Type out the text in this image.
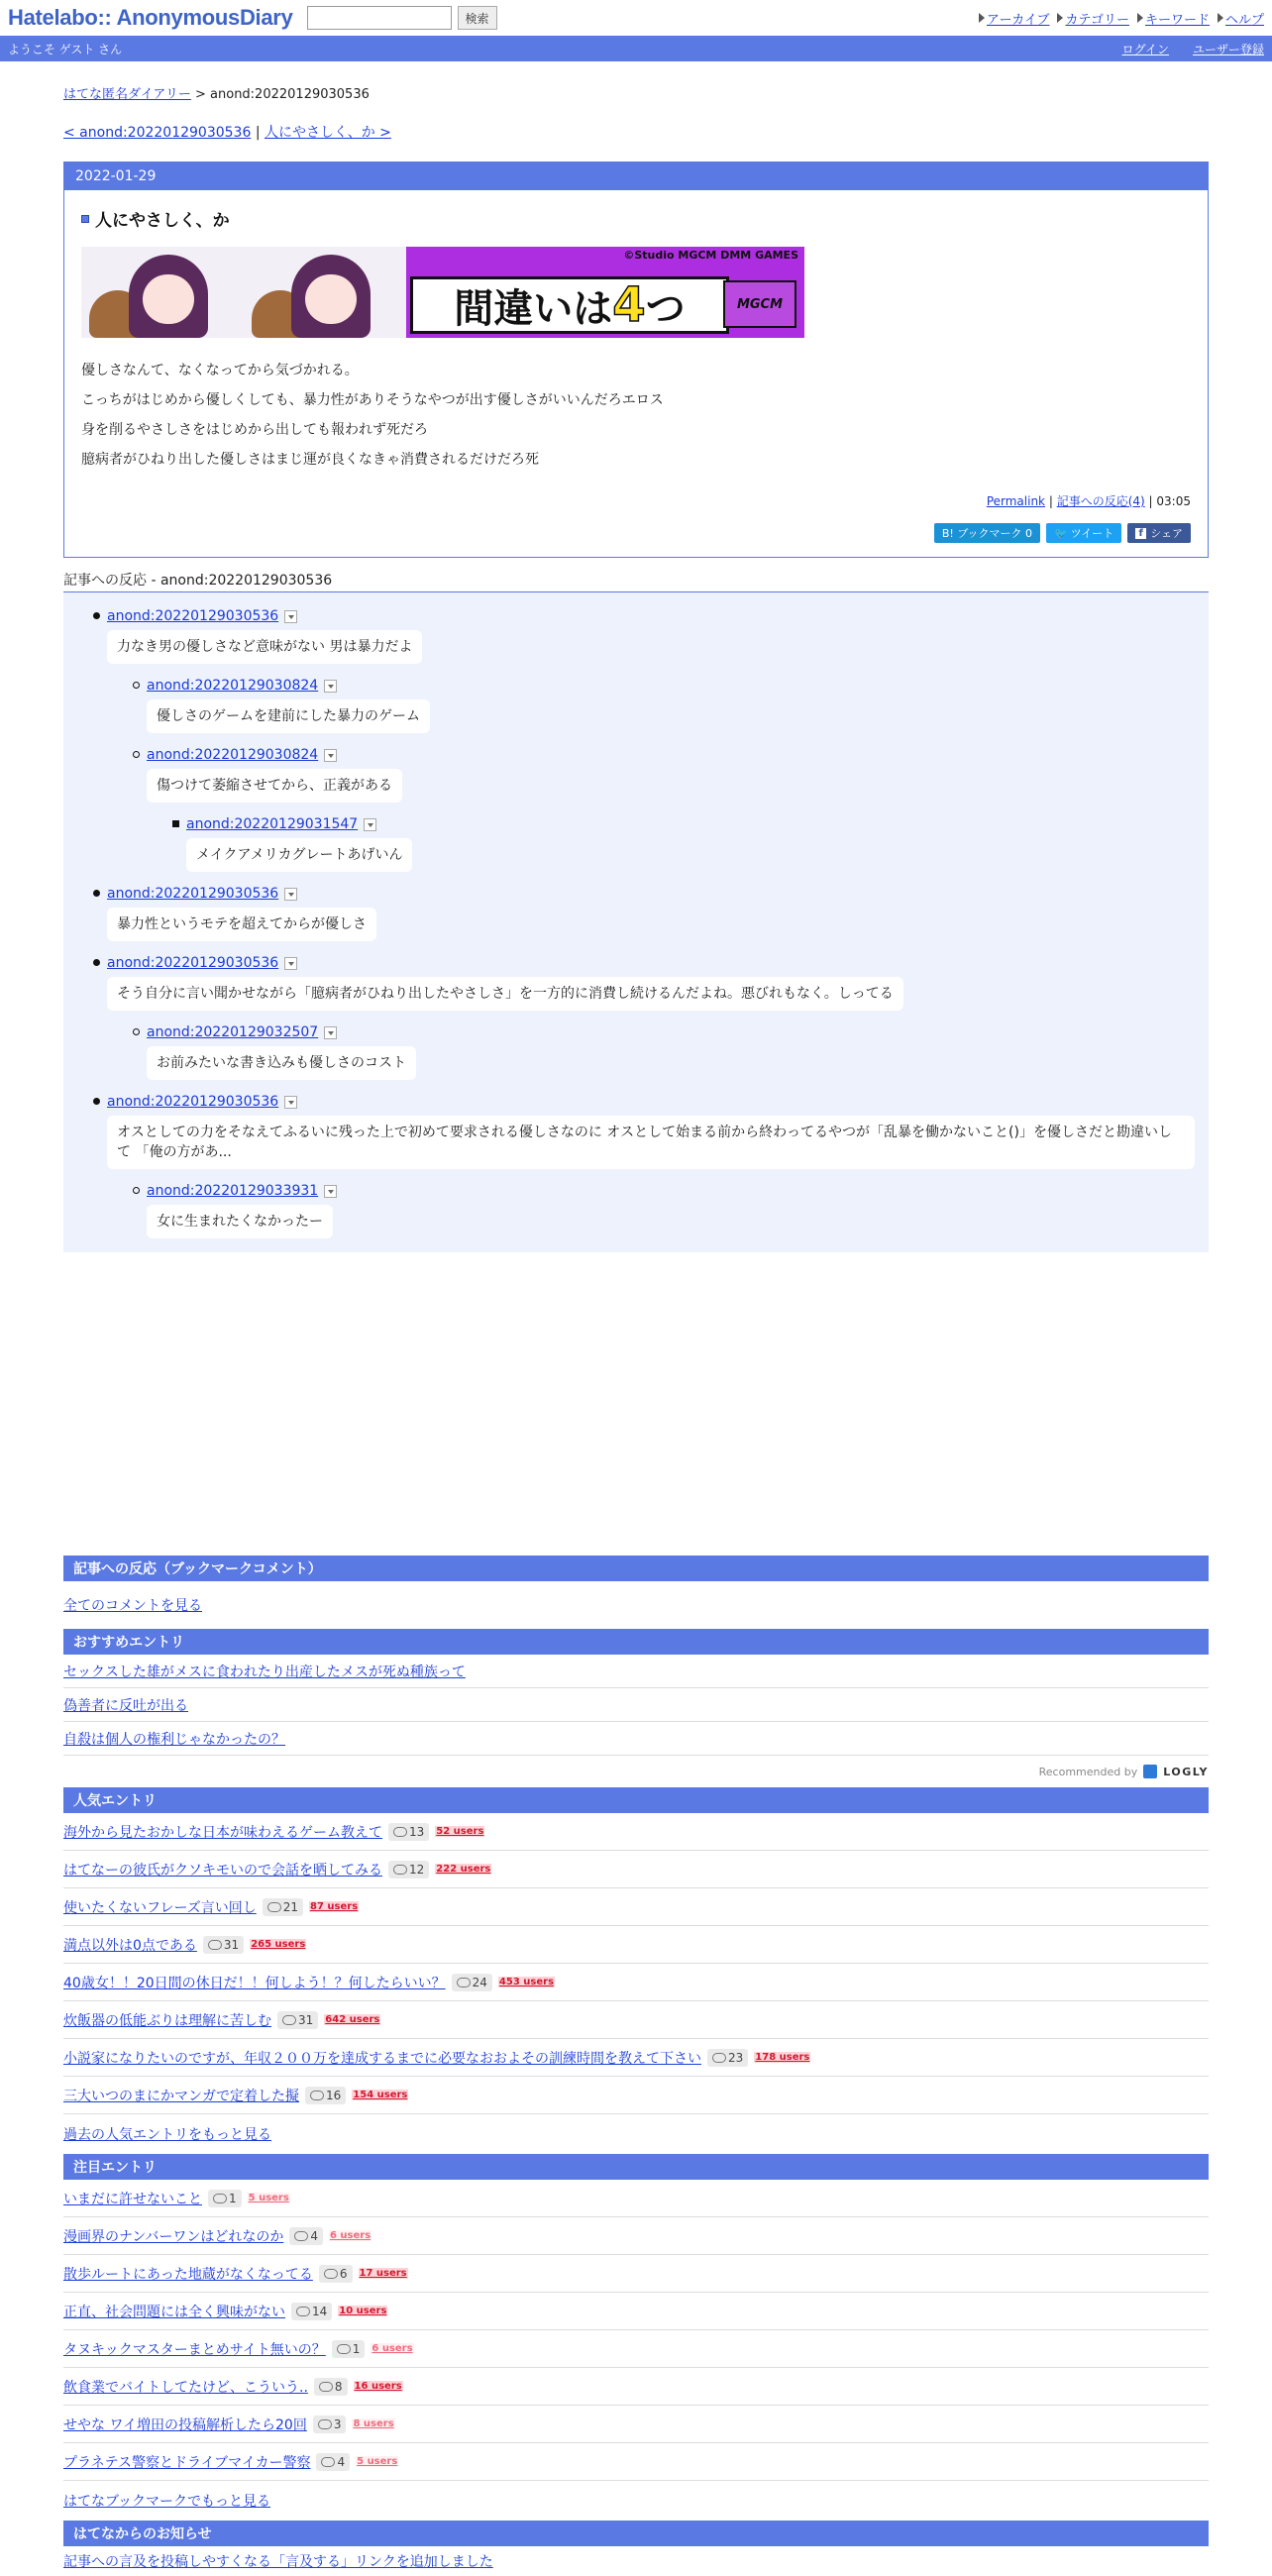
Hatelabo:: AnonymousDiary	検索	アーカイブ カテゴリー キーワード ヘルプ
ようこそ ゲスト さん	ログイン ユーザー登録
はてな匿名ダイアリー > anond:20220129030536
< anond:20220129030536 | 人にやさしく、か >
2022-01-29
人にやさしく、か
間違いは 4 つ
©Studio MGCM DMM GAMES
MGCM

優しさなんて、なくなってから気づかれる。

こっちがはじめから優しくしても、暴力性がありそうなやつが出す優しさがいいんだろエロス

身を削るやさしさをはじめから出しても報われず死だろ

臆病者がひねり出した優しさはまじ運が良くなきゃ消費されるだけだろ死

Permalink | 記事への反応(4) | 03:05
B! ブックマーク 0	🐦 ツイート	f シェア
記事への反応 - anond:20220129030536
anond:20220129030536
力なき男の優しさなど意味がない 男は暴力だよ
anond:20220129030824
優しさのゲームを建前にした暴力のゲーム
anond:20220129030824
傷つけて萎縮させてから、正義がある
anond:20220129031547
メイクアメリカグレートあげいん
anond:20220129030536
暴力性というモテを超えてからが優しさ
anond:20220129030536
そう自分に言い聞かせながら「臆病者がひねり出したやさしさ」を一方的に消費し続けるんだよね。悪びれもなく。しってる
anond:20220129032507
お前みたいな書き込みも優しさのコスト
anond:20220129030536
オスとしての力をそなえてふるいに残った上で初めて要求される優しさなのに オスとして始まる前から終わってるやつが「乱暴を働かないこと()」を優しさだと勘違いして 「俺の方があ...
anond:20220129033931
女に生まれたくなかったー
記事への反応（ブックマークコメント）
全てのコメントを見る
おすすめエントリ
セックスした雄がメスに食われたり出産したメスが死ぬ種族って
偽善者に反吐が出る
自殺は個人の権利じゃなかったの？
Recommended by LOGLY
人気エントリ
海外から見たおかしな日本が味わえるゲーム教えて 13 52 users
はてなーの彼氏がクソキモいので会話を晒してみる 12 222 users
使いたくないフレーズ言い回し 21 87 users
満点以外は0点である 31 265 users
40歳女！！20日間の休日だ！！何しよう！？何したらいい？ 24 453 users
炊飯器の低能ぶりは理解に苦しむ 31 642 users
小説家になりたいのですが、年収２００万を達成するまでに必要なおおよその訓練時間を教えて下さい 23 178 users
三大いつのまにかマンガで定着した擬 16 154 users
過去の人気エントリをもっと見る
注目エントリ
いまだに許せないこと 1 5 users
漫画界のナンバーワンはどれなのか 4 6 users
散歩ルートにあった地蔵がなくなってる 6 17 users
正直、社会問題には全く興味がない 14 10 users
タヌキックマスターまとめサイト無いの？ 1 6 users
飲食業でバイトしてたけど、こういう.. 8 16 users
せやな ワイ増田の投稿解析したら20回 3 8 users
プラネテス警察とドライブマイカー警察 4 5 users
はてなブックマークでもっと見る
はてなからのお知らせ
記事への言及を投稿しやすくなる「言及する」リンクを追加しました
